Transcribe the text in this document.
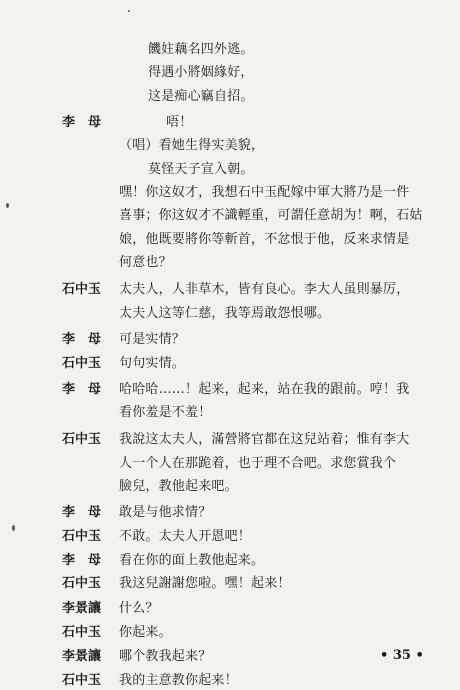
饑妵藕名四外逃。
得遇小將姻緣好，
这是痴心竊自招。
李　母	唔！
（唱）看她生得实美貌，
莫怪天子宣入朝。
嘿！你这奴才，我想石中玉配嫁中軍大將乃是一件
喜事；你这奴才不識輕重，可謂任意胡为！啊，石姑
娘，他既要將你等斬首，不忿恨于他，反来求情是
何意也？
石中玉 太夫人，人非草木，皆有良心。李大人虽則暴厉，
太夫人这等仁慈，我等焉敢怨恨哪。
李　母 可是实情？
石中玉 句句实情。
李　母 哈哈哈……！起来，起来，站在我的跟前。哼！我
看你羞是不羞！
石中玉 我說这太夫人，滿營將官都在这兒站着；惟有李大
人一个人在那跪着，也于理不合吧。求您賞我个
臉兒，教他起来吧。
李　母 敢是与他求情？
石中玉 不敢。太夫人开恩吧！
李　母 看在你的面上教他起来。
石中玉 我这兒謝謝您啦。嘿！起来！
李景讓 什么？
石中玉 你起来。
李景讓 哪个教我起来？
石中玉 我的主意教你起来！
• 35 •
